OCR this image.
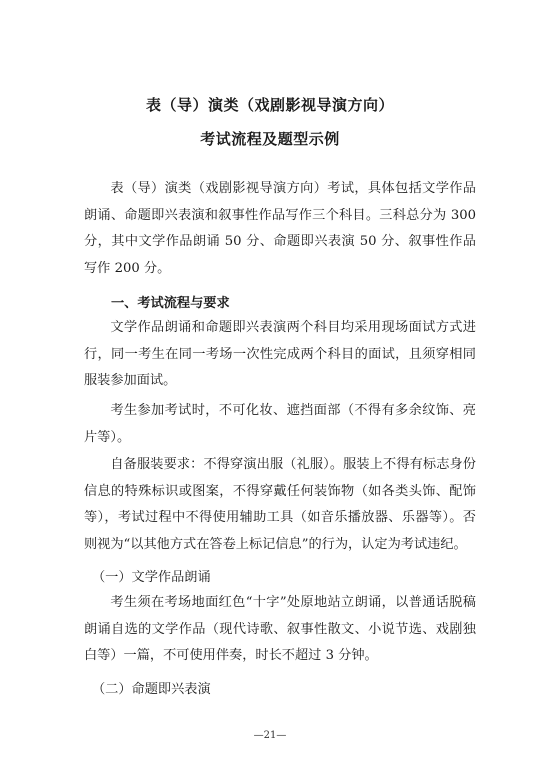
表（导）演类（戏剧影视导演方向）
考试流程及题型示例

表（导）演类（戏剧影视导演方向）考试，具体包括文学作品朗诵、命题即兴表演和叙事性作品写作三个科目。三科总分为 300 分，其中文学作品朗诵 50 分、命题即兴表演 50 分、叙事性作品写作 200 分。

一、考试流程与要求

文学作品朗诵和命题即兴表演两个科目均采用现场面试方式进行，同一考生在同一考场一次性完成两个科目的面试，且须穿相同服装参加面试。

考生参加考试时，不可化妆、遮挡面部（不得有多余纹饰、亮片等）。

自备服装要求：不得穿演出服（礼服）。服装上不得有标志身份信息的特殊标识或图案，不得穿戴任何装饰物（如各类头饰、配饰等），考试过程中不得使用辅助工具（如音乐播放器、乐器等）。否则视为“以其他方式在答卷上标记信息”的行为，认定为考试违纪。

（一）文学作品朗诵

考生须在考场地面红色“十字”处原地站立朗诵，以普通话脱稿朗诵自选的文学作品（现代诗歌、叙事性散文、小说节选、戏剧独白等）一篇，不可使用伴奏，时长不超过 3 分钟。

（二）命题即兴表演

—21—
